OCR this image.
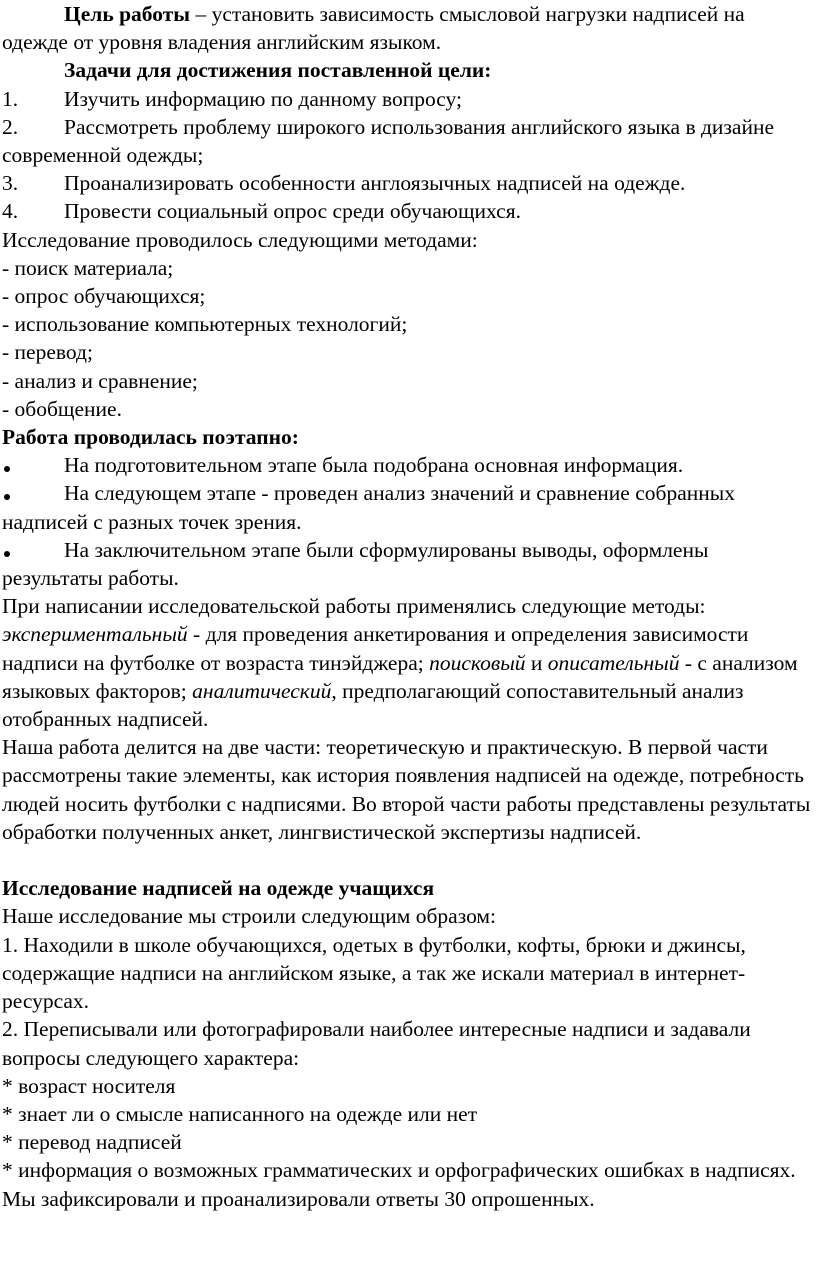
Цель работы – установить зависимость смысловой нагрузки надписей на одежде от уровня владения английским языком.

Задачи для достижения поставленной цели:

1. Изучить информацию по данному вопросу;

2. Рассмотреть проблему широкого использования английского языка в дизайне современной одежды;

3. Проанализировать особенности англоязычных надписей на одежде.

4. Провести социальный опрос среди обучающихся.

Исследование проводилось следующими методами:

- поиск материала;

- опрос обучающихся;

- использование компьютерных технологий;

- перевод;

- анализ и сравнение;

- обобщение.

Работа проводилась поэтапно:

На подготовительном этапе была подобрана основная информация.

На следующем этапе - проведен анализ значений и сравнение собранных надписей с разных точек зрения.

На заключительном этапе были сформулированы выводы, оформлены результаты работы.

При написании исследовательской работы применялись следующие методы: экспериментальный - для проведения анкетирования и определения зависимости надписи на футболке от возраста тинэйджера; поисковый и описательный - с анализом языковых факторов; аналитический, предполагающий сопоставительный анализ отобранных надписей.

Наша работа делится на две части: теоретическую и практическую. В первой части рассмотрены такие элементы, как история появления надписей на одежде, потребность людей носить футболки с надписями. Во второй части работы представлены результаты обработки полученных анкет, лингвистической экспертизы надписей.

Исследование надписей на одежде учащихся

Наше исследование мы строили следующим образом:

1. Находили в школе обучающихся, одетых в футболки, кофты, брюки и джинсы, содержащие надписи на английском языке, а так же искали материал в интернет-ресурсах.

2. Переписывали или фотографировали наиболее интересные надписи и задавали вопросы следующего характера:

* возраст носителя

* знает ли о смысле написанного на одежде или нет

* перевод надписей

* информация о возможных грамматических и орфографических ошибках в надписях.

Мы зафиксировали и проанализировали ответы 30 опрошенных.
